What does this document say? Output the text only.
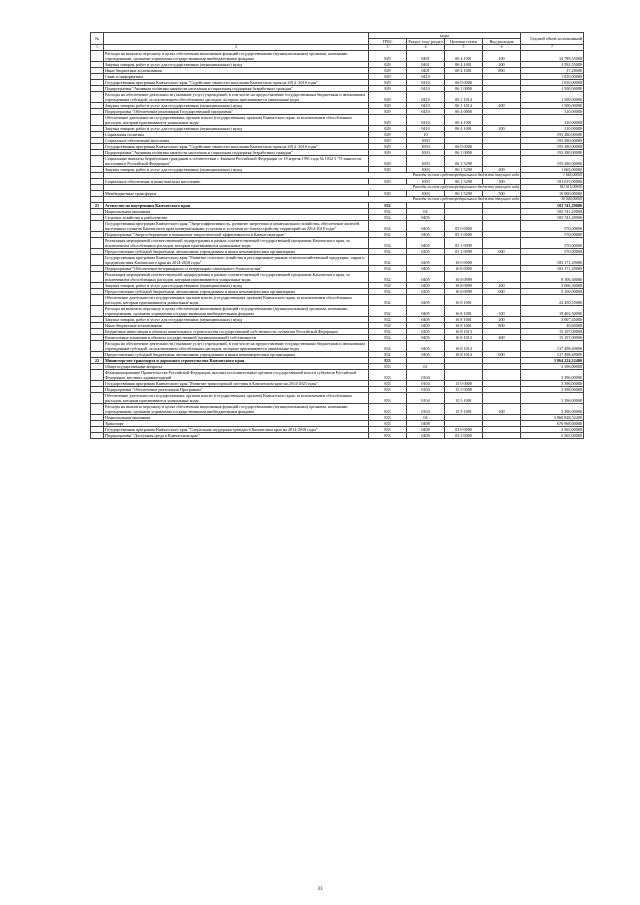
№		коды				Годовой объем ассигнований
		ГРБС	Раздел, под- раздел	Целевая статья	Вид расходов	
1	2	3	4	5	6	7
	Расходы на выплаты персоналу в целях обеспечения выполнения функций государственными (муниципальными) органами, казенными учреждениями, органами управления государственными внебюджетными фондами	829	0401	06 4 1001	100	34 789,35000
	Закупка товаров, работ и услуг для государственных (муниципальных) нужд	829	0401	06 4 1001	200	3 592,55000
	Иные бюджетные ассигнования	829	0401	06 4 1001	800	37,28000
	Связь и информатика	829	0410			1 810,00000
	Государственная программа Камчатского края "Содействие занятости населения Камчатского края на 2014 -2018 годы"	829	0410	06 0 0000		1 810,00000
	Подпрограмма "Активная политика занятости населения и социальная поддержка безработных граждан"	829	0410	06 1 0000		1 500,00000
	Расходы на обеспечение деятельности (оказание услуг) учреждений, в том числе на предоставление государственным бюджетным и автономным учреждениям субсидий, за исключением обособленных расходов, которым присваиваются уникальные коды	829	0410	06 1 1014		1 500,00000
	Закупка товаров, работ и услуг для государственных (муниципальных) нужд	829	0410	06 1 1014	200	1 500,00000
	Подпрограмма "Обеспечение реализации Государственной программы"	829	0410	06 4 0000		310,00000
	Обеспечение деятельности государственных органов власти (государственных органов) Камчатского края, за исключением обособленных расходов, которым присваиваются уникальные коды	829	0410	06 4 1001		310,00000
	Закупка товаров, работ и услуг для государственных (муниципальных) нужд	829	0410	06 4 1001	200	310,00000
	Социальная политика	829	10			193 280,00000
	Социальное обеспечение населения	829	1003			193 280,00000
	Государственная программа Камчатского края "Содействие занятости населения Камчатского края на 2014 -2018 годы"	829	1003	06 0 0000		193 280,00000
	Подпрограмма "Активная политика занятости населения и социальная поддержка безработных граждан"	829	1003	06 1 0000		193 280,00000
	Социальные выплаты безработным гражданам в соответствии с Законом Российской Федерации от 19 апреля 1991 года № 1032-1 "О занятости населения в Российской Федерации"	829	1003	06 1 5290		193 280,00000
	Закупка товаров, работ и услуг для государственных (муниципальных) нужд	829	1003	06 1 5290	200	1 665,00000
	Расходы за счет средств федерального бюджета текущего года					1 665,00000
	Социальное обеспечение и иные выплаты населению	829	1003	06 1 5290	300	181 615,00000
	Расходы за счет средств федерального бюджета текущего года					181 615,00000
	Межбюджетные трансферты	829	1003	06 1 5290	500	10 000,00000
	Расходы за счет средств федерального бюджета текущего года					10 000,00000
21	Агентство по внутренним Камчатского края	832				183 741,29000
	Национальная экономика	832	04			183 741,29000
	Сельское хозяйство и рыболовство	832	0405			183 741,29000
	Государственная программа Камчатского края "Энергоэффективность, развитие энергетики и коммунального хозяйства, обеспечение жителей населенных пунктов Камчатского края коммунальными услугами и услугами по благоустройству территорий на 2014-2018 годы"	832	0405	05 0 0000		570,00000
	Подпрограмма "Энергосбережение и повышение энергетической эффективности в Камчатском крае"	832	0405	05 1 0000		570,00000
	Реализация мероприятий соответствующей подпрограммы в рамках соответствующей государственной программы Камчатского края, за исключением обособленных расходов, которым присваиваются уникальные коды	832	0405	05 1 0999		570,00000
	Предоставление субсидий бюджетным, автономным учреждениям и иным некоммерческим организациям	832	0405	05 1 0999	600	570,00000
	Государственная программа Камчатского края "Развитие сельского хозяйства и регулирование рынков сельскохозяйственной продукции, сырья и продовольствия Камчатского края на 2014-2018 годы"	832	0405	16 0 0000		183 171,29000
	Подпрограмма "Обеспечение ветеринарного и ветеринарно-санитарного благополучия"	832	0405	16 8 0000		183 171,29000
	Реализация мероприятий соответствующей подпрограммы в рамках соответствующей государственной программы Камчатского края, за исключением обособленных расходов, которым присваиваются уникальные коды	832	0405	16 8 0999		8 106,30000
	Закупка товаров, работ и услуг для государственных (муниципальных) нужд	832	0405	16 8 0999	200	3 006,30000
	Предоставление субсидий бюджетным, автономным учреждениям и иным некоммерческим организациям	832	0405	16 8 0999	600	5 100,00000
	Обеспечение деятельности государственных органов власти (государственных органов) Камчатского края, за исключением обособленных расходов, которым присваиваются уникальные коды	832	0405	16 8 1001		22 450,55000
	Расходы на выплаты персоналу в целях обеспечения выполнения функций государственными (муниципальными) органами, казенными учреждениями, органами управления государственными внебюджетными фондами	832	0405	16 8 1001	100	19 402,50000
	Закупка товаров, работ и услуг для государственных (муниципальных) нужд	832	0405	16 8 1001	200	3 007,45000
	Иные бюджетные ассигнования	832	0405	16 8 1001	800	40,60000
	Бюджетные инвестиции в объекты капитального строительства государственной собственности субъектов Российской Федерации	832	0405	16 8 1013		15 107,00000
	Капитальные вложения в объекты государственной (муниципальной) собственности	832	0405	16 8 1013	400	15 107,00000
	Расходы на обеспечение деятельности (оказание услуг) учреждений, в том числе на предоставление государственным бюджетным и автономным учреждениям субсидий, за исключением обособленных расходов, которым присваиваются уникальные коды	832	0405	16 8 1014		137 498,49000
	Предоставление субсидий бюджетным, автономным учреждениям и иным некоммерческим организациям	832	0405	16 8 1014	600	137 498,49000
22	Министерство транспорта и дорожного строительства Камчатского края	833				3 864 224,52400
	Общегосударственные вопросы	833	01			3 396,00000
	Функционирование Правительства Российской Федерации, высших исполнительных органов государственной власти субъектов Российской Федерации, местных администраций	833	0104			3 396,00000
	Государственная программа Камчатского края "Развитие транспортной системы в Камчатском крае на 2014-2023 годы"	833	0104	15 0 0000		3 396,00000
	Подпрограмма "Обеспечение реализации Программы"	833	0104	15 5 0000		3 396,00000
	Обеспечение деятельности государственных органов власти (государственных органов) Камчатского края, за исключением обособленных расходов, которым присваиваются уникальные коды	833	0104	15 5 1001		3 396,00000
	Расходы на выплаты персоналу в целях обеспечения выполнения функций государственными (муниципальными) органами, казенными учреждениями, органами управления государственными внебюджетными фондами	833	0104	15 5 1001	100	3 396,00000
	Национальная экономика	833	04			3 860 828,52400
	Транспорт	833	0408			676 968,00000
	Государственная программа Камчатского края "Социальная поддержка граждан в Камчатском крае на 2014-2018 годы"	833	0408	03 0 0000		3 565,00000
	Подпрограмма "Доступная среда в Камчатском крае"	833	0408	03 3 0000		3 565,00000
33
